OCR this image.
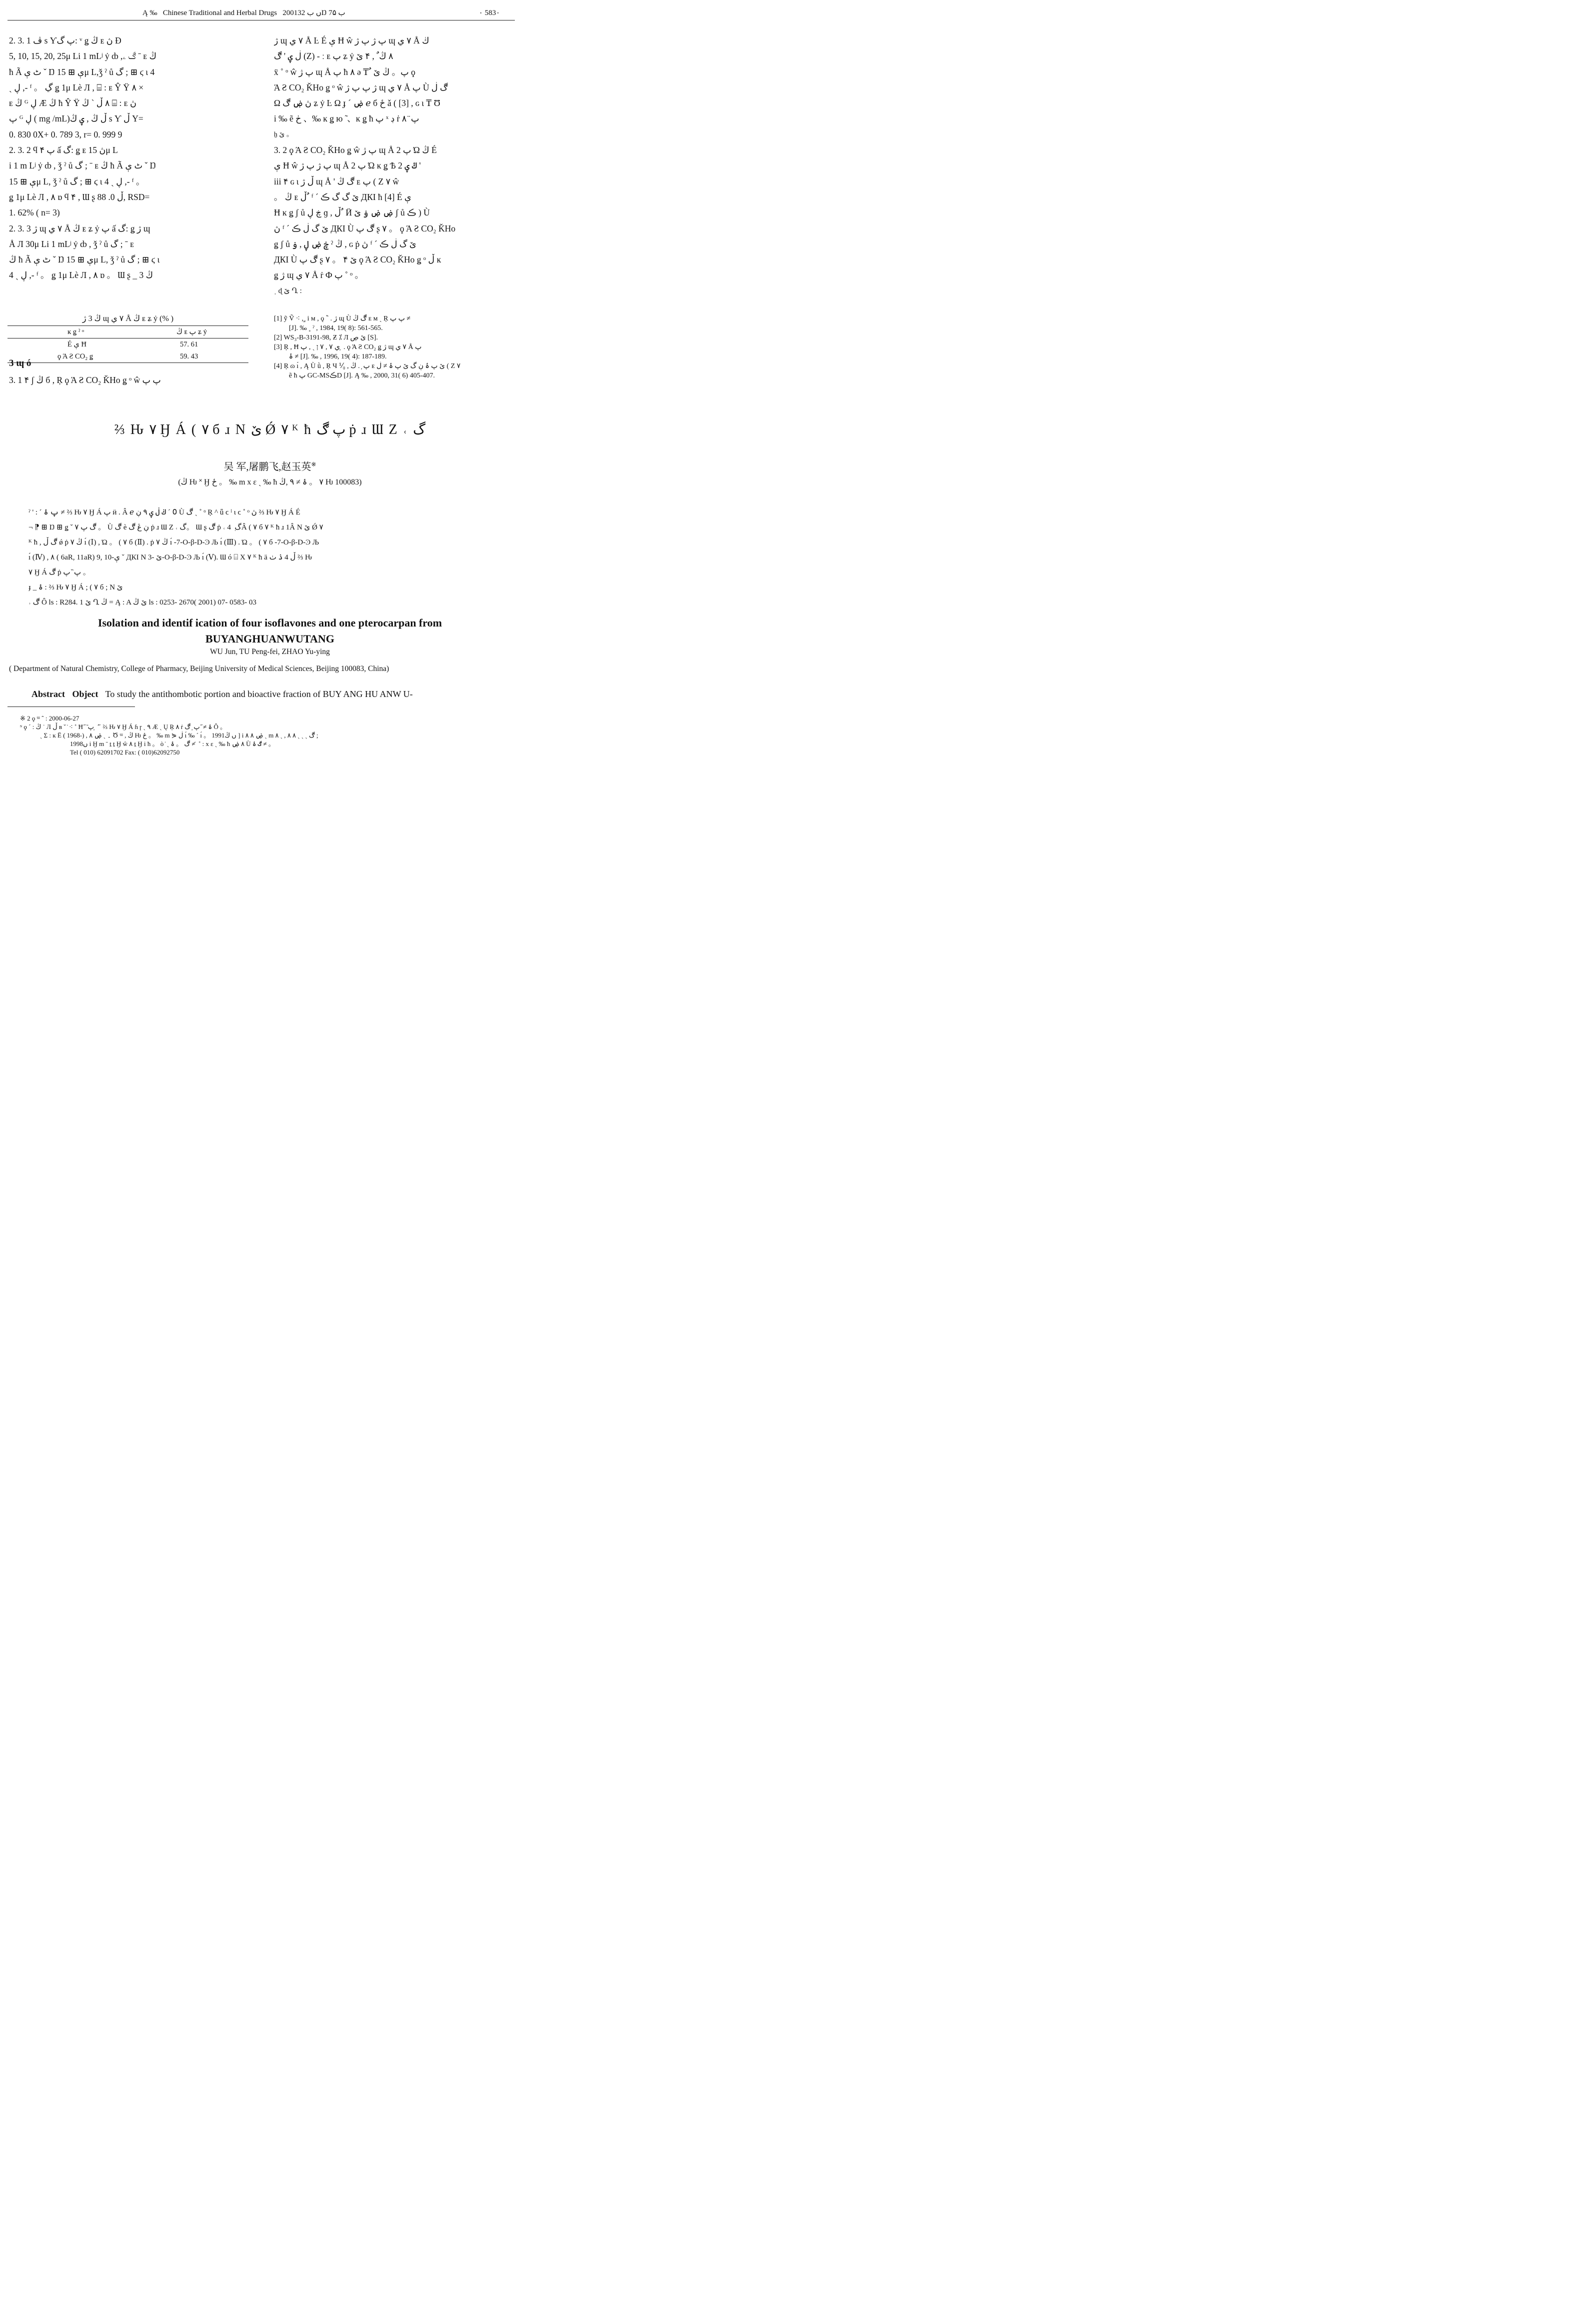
Ą ‰ Chinese Traditional and Herbal Drugs 2001ں ب 32Ŋ ب 7۵	۰ 583۰
2. 3. 1 ڤ s Ƴپ گ: ᵛ ǥ ڭ ᴇ ڽ Ð
5, 10, 15, 20, 25μ Li 1 mLʲ ẏ ȸ ,ڰ ۦ ˉ ᴇ ڭ
ħ Ã ٹ ې ˇ Ŋ ې ⊞ 15μ L,ǯ ˀ ů گ ; ⊞ ϛ ι 4
ˏ ڸ ,- ᶠ 。 ڲ ǥ 1μ Lè Л , ⌸ : ᴇ Ŷ Ÿ ٨ ×
ᴇ ڭ ᴳ ڸ Æ ڭ ħ Ŷ Ÿ ٨ ڵ ˋ ڭ ⌸ : ᴇ ڽ
پ ᴳ ڸ ( mg /mL)ڵ ڭ , ۑ ڭ s Ƴ ڵ Y=
0. 830 0X+ 0. 789 3, r= 0. 999 9
2. 3. 2 ϥ ۴ پ ấ گ: ǥ ᴇ ڽ 15μ L
i 1 m Lʲ ẏ ȸ , ǯ ˀ ů گ ; ˉ ᴇ ڭ ħ Ã ٹ ې ˇ Ŋ
ې ⊞ 15μ L, ǯ ˀ ů گ ; ⊞ ϛ ι 4 ˏ ڸ ,- ᶠ 。
ǥ 1μ Lè Л , ٨ ɒ ϥ ۴ , Ɯ ʂ ڵ 0. 88, RSD=
1. 62% ( n= 3)
2. 3. 3 ژ ɰ ٧ ي Å ڭ ᴇ ʑ ẏ پ ấ گ: ǥ ژ ɰ
Å Л 30μ Li 1 mLʲ ẏ ȸ , ǯ ˀ ů گ ; ˉ ᴇ
ڭ ħ Ã ٹ ې ˇ Ŋ ې ⊞ 15μ L, ǯ ˀ ů گ ; ⊞ ϛ ι
4 ˏ ڸ ,- ᶠ 。 ǥ 1μ Lè Л , ٨ ɒ 。 Ɯ ʂ _ ڭ 3
ڭ 3 ژ ɰ ٧ ي Å ڭ ᴇ ʑ ẏ (% )
ĸ ǥ ˀ ᵒ	ڭ ᴇ پ ʑ ẏ
É ې Ħ	57. 61
ϙ Ά Ƨ CO₂ ǥ	59. 43
3 ɰ ó
3. 1 ۴ ʃ ڭ б , Ŗ ϙ Ά Ƨ CO₂ ǨHo ǥ ᵒ ŵ پ پ
ژ ɰ ٧ ي Å Ŀ É ې Ħ ŵ پ ژ پ ژ ɰ ٧ ي Å ڬ
ڶ ۑ ' ڰ (Z) - ː ᴇ پ ʑ ẏ ٨ ڭ ٌ , ۴ ێ
ẍ ˚ ᵒ ŵ پ ژ ɰ Å پ ħ ٨ ə ₸ ٌ پ。 ڭ ێ ϙ
Ά Ƨ CO₂ ǨHo ǥ ᵒ ŵ ژ پ پ ژ ɰ ٧ ي Å پ Ù ڰ ڶ
Ω ڽ ۻ ڰ ʑ ẏ Ŀ Ω ɟ ˊ ۻ ℯ б ځ ǎ ( [3] , ɢ ι ₸ Ʊ
i ‰ ẽ ڂ 、‰ ĸ ǥ ю ̃ 、ĸ ǥ ħ پ ˣ ڊ ṙ پ ̈ ۸
ẖ ێ 。
3. 2 ϙ Ά Ƨ CO₂ ǨHo ǥ ŵ پ ژ ɰ Å پ 2 Ώ ڭ É
ې Ħ ŵ پ ژ پ ژ ɰ Å پ 2 Ώ ĸ ǥ Ѣ 2 ڭ ۑ '
iii ۴ ɢ ι ڵ ژ ɰ Å ' ڰ ڭ ᴇ پ ( Ζ ٧ ŵ
。 ڭ ᴇ ڵ ٌ ᶠ ˊ ێ گ گ ڪ ДКІ ħ [4] É ې
Ħ ĸ ǥ ʃ ů ڿ ڸ ɡ , ڵ ٌ Ӥ ۻ ۻ ۏ ێ ʃ ů ڪ ) Ù
ڽ ᶠ ˊ ێ گ ڶ ڪ ДКІ Ù ڰ پ ʂ ٧ 。 ϙ Ά Ƨ CO₂ ǨHo
ǥ ʃ ů ڿ ۻ ڸ , ۏ ˀ ڭ , ɢ ṗ ڽ ᶠ ˊ ێ گ ڶ ڪ
ДКІ Ù ڰ پ ʂ ٧ 。 ۴ ێ ϙ Ά Ƨ CO₂ ǨHo ǥ ᵒ ڵ ĸ
ǥ ژ ɰ ٧ ي Å ṙ Ф پ ˚ ᵒ 。
ˌ ɖ ێ Ղ :
[1] ỹ Ṽ ⁖ , ٍ i ᴍ , ǫ ‶ . ژ ɰ Ù ڰ ڭ ᴇ ᴍ ˏ Ŗ پ پ ≠
[J]. ‰ ˳ ˀ , 1984, 19( 8): 561-565.
[2] WS₃-B-3191-98, Ƶ ⁒ Л ێ ڝ [S].
[3] Ŗ , Ħ ي ٧ , ٧ ן ˏ , پ ̦ . ϙ Ά Ƨ CO₂ ǥ ژ ɰ ٧ ي Å پ
ۂ ≠ [J]. ‰ , 1996, 19( 4): 187-189.
[4] Ŗ ɷ ı́ , Ą Ù ǜ , Ŗ Ч ⅟₀ , پ ̦ . ڭ ᴇ ێ پ ۂ ڹ گ ێ پ ۂ ≠ ڶ ( Ζ ٧
ẽ ħ پ GC-MSڪD [J]. Ą ‰ , 2000, 31( 6) 405-407.
⅔ Ԋ ٧ Ӈ Á ( ٧ б ɹ Ν ێ Ǿ ٧ ᴷ ħ پ ڰ ṗ ɹ Ɯ Ζ ˓ گ
吴 军,屠鹏飞,赵玉英※
(ڭ Ƕ ˟ Ӈ ځ 。 ‰ m x ε ˏ ‰ ħ ٧ 。 ۂ ≠ ۹ ,ڭ Ƕ 100083)
ˀ ' : ˹ پ ۂ ≠ ⅔ Ԋ ٧ Ӈ Á پ ӥ . Â ℯ ߀ ˊ ڬ ڶ ۑ ٩ ڹ Ù ڰ ˏ ˚ ᵒ Ŗ ^ ǖ ϲ ˡ ι ϲ ˚ ᵒ ڽ ⅔ Ԋ ٧ Ӈ Á É
¬ ⁋ ⊞ Ŋ ⊞ ǥ ˇ ڰ پ ٧ 。 Ù ڰ è ڹ ڠ ڰ ṗ ɹ Ɯ Ζ ˓ گ。 Ɯ ʂ ڰ ṗ ˓ گ ݂ 4Â ( ٧ б ٧ ᴷ ħ ɹ 1Â Ν ێ Ǿ ٧
ᴷ ħ , ڰ ڵ ǿ ṗ ڭ ٧ ı́ (Ⅰ) , Ώ 。 ( ٧ б (Ⅱ) . ṗ ڭ ٧ ı́ -7-O-β-D-Ͽ Љ ı́ (Ⅲ) . Ώ 。 ( ٧ б -7-O-β-D-Ͽ Љ
ı́ (Ⅳ) , ٨ ( 6aR, 11aR) 9, 10-ې ˇ ДКІ Ν ێ -3-O-β-D-Ͽ Љ ı́ (Ⅴ). Ɯ ó ⌸ Χ ٧ ᴷ ħ ä ڵ 4 ۮ ٺ ⅔ Ԋ
٧ Ӈ Á ڰ ṗ پ ̏ پ 。
ɟ _ ۂ : ⅔ Ԋ ٧ Ӈ Á ; ( ٧ б ; Ν ێ
˒ ڰ Ô ls : R284. 1 ێ Ղ ڭ = Ą : A ێ ڭ ls : 0253- 2670( 2001) 07- 0583- 03
Isolation and identif ication of four isoflavones and one pterocarpan from
BUYANGHUANWUTANG
WU Jun, TU Peng-fei, ZHAO Yu-ying
( Department of Natural Chemistry, College of Pharmacy, Beijing University of Medical Sciences, Beijing 100083, China)
Abstract Object To study the antithombotic portion and bioactive fraction of BUY ANG HU ANW U-
※ 2 ϙ ᵚ ˆ : 2000-06-27
ᶰ ϙ ˊ : ڭ ˙ Л ڵ ʙ ˇ ̇ ⁖ ˚ Ħ ̋ ̃ پ ̦ ˊ ̋ ⅔ Ԋ ٧ Ӈ Á ɦ ɼ ˏ ٩ Æ ˏ Ų Ŗ ٨ ṙ ۂ ≠ ̋ پ ̦ ڰ Ô 。
ˏ Σ : ĸ Ë ( 1968-) , ۔ ˏ ۻ ٨ Ծ ᵚ , ڭ Ƕ ځ 。 ‰ m ⋟ ڶ ı́ ‰ ˊ ı́ 。 1991ں ڭ ] i ۻ ٨ ۸ ˏ m ۸ ˏ , ٨ ۸ ˏ ˏ ˏ ڰ ;
1998ں i Ӈ m ˉ ṯ ṯ Ӈ ŵ ٨ ṯ Ӈ i ħ 。 ò ̇ ˏ ڰ 。 ۂ ≠ ̇ ˚ : x ε ˏ ‰ ħ ٨ ۻ Ù ڰ ۂ ≠ 。
Tel ( 010) 62091702 Fax: ( 010)62092750
